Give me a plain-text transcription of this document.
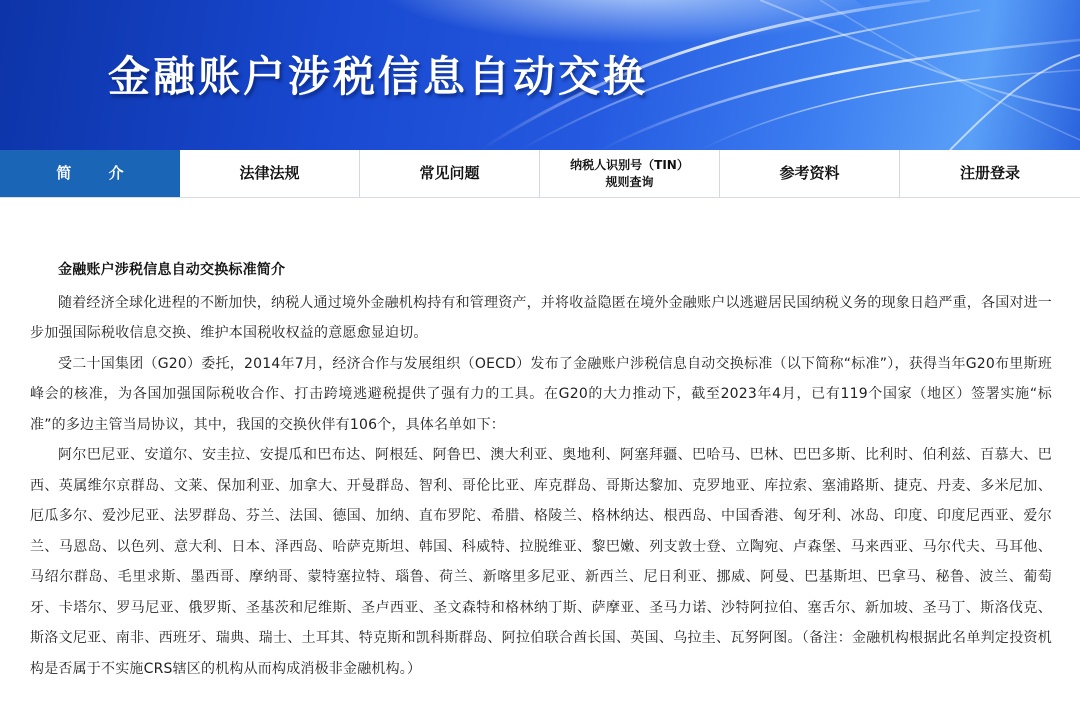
金融账户涉税信息自动交换
简 介	法律法规	常见问题	纳税人识别号（TIN）
规则查询	参考资料	注册登录

金融账户涉税信息自动交换标准简介

随着经济全球化进程的不断加快，纳税人通过境外金融机构持有和管理资产，并将收益隐匿在境外金融账户以逃避居民国纳税义务的现象日趋严重，各国对进一步加强国际税收信息交换、维护本国税收权益的意愿愈显迫切。

受二十国集团（G20）委托，2014年7月，经济合作与发展组织（OECD）发布了金融账户涉税信息自动交换标准（以下简称“标准”），获得当年G20布里斯班峰会的核准，为各国加强国际税收合作、打击跨境逃避税提供了强有力的工具。在G20的大力推动下，截至2023年4月，已有119个国家（地区）签署实施“标准”的多边主管当局协议，其中，我国的交换伙伴有106个，具体名单如下：

阿尔巴尼亚、安道尔、安圭拉、安提瓜和巴布达、阿根廷、阿鲁巴、澳大利亚、奥地利、阿塞拜疆、巴哈马、巴林、巴巴多斯、比利时、伯利兹、百慕大、巴西、英属维尔京群岛、文莱、保加利亚、加拿大、开曼群岛、智利、哥伦比亚、库克群岛、哥斯达黎加、克罗地亚、库拉索、塞浦路斯、捷克、丹麦、多米尼加、厄瓜多尔、爱沙尼亚、法罗群岛、芬兰、法国、德国、加纳、直布罗陀、希腊、格陵兰、格林纳达、根西岛、中国香港、匈牙利、冰岛、印度、印度尼西亚、爱尔兰、马恩岛、以色列、意大利、日本、泽西岛、哈萨克斯坦、韩国、科威特、拉脱维亚、黎巴嫩、列支敦士登、立陶宛、卢森堡、马来西亚、马尔代夫、马耳他、马绍尔群岛、毛里求斯、墨西哥、摩纳哥、蒙特塞拉特、瑙鲁、荷兰、新喀里多尼亚、新西兰、尼日利亚、挪威、阿曼、巴基斯坦、巴拿马、秘鲁、波兰、葡萄牙、卡塔尔、罗马尼亚、俄罗斯、圣基茨和尼维斯、圣卢西亚、圣文森特和格林纳丁斯、萨摩亚、圣马力诺、沙特阿拉伯、塞舌尔、新加坡、圣马丁、斯洛伐克、斯洛文尼亚、南非、西班牙、瑞典、瑞士、土耳其、特克斯和凯科斯群岛、阿拉伯联合酋长国、英国、乌拉圭、瓦努阿图。（备注：金融机构根据此名单判定投资机构是否属于不实施CRS辖区的机构从而构成消极非金融机构。）
